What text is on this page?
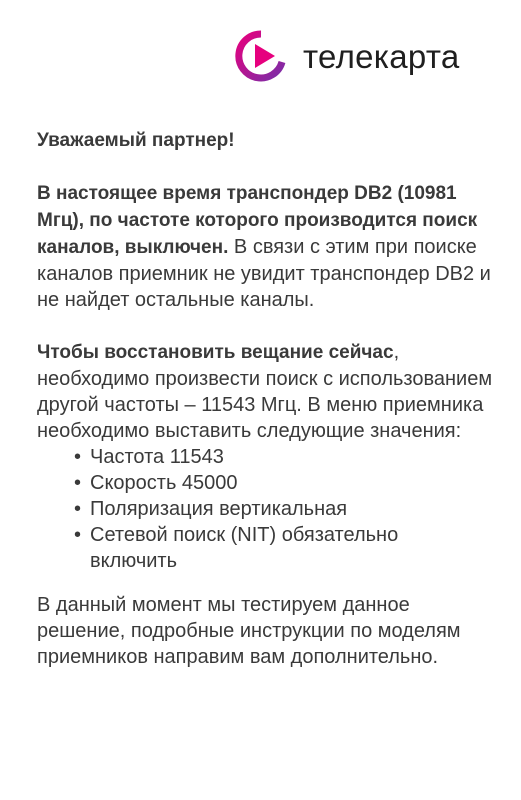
телекарта

Уважаемый партнер!

В настоящее время транспондер DB2 (10981 Мгц), по частоте которого производится поиск каналов, выключен. В связи с этим при поиске каналов приемник не увидит транспондер DB2 и не найдет остальные каналы.

Чтобы восстановить вещание сейчас, необходимо произвести поиск с использованием другой частоты – 11543 Мгц. В меню приемника необходимо выставить следующие значения:

• Частота 11543
• Скорость 45000
• Поляризация вертикальная
• Сетевой поиск (NIT) обязательно включить

В данный момент мы тестируем данное решение, подробные инструкции по моделям приемников направим вам дополнительно.
